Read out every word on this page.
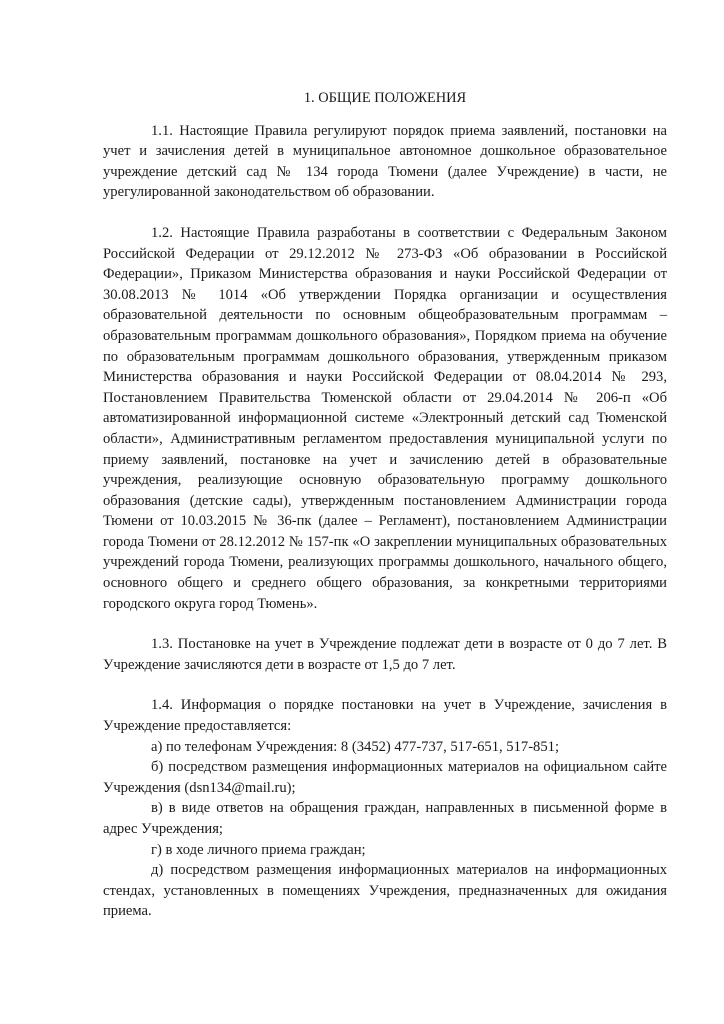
1. ОБЩИЕ ПОЛОЖЕНИЯ

1.1. Настоящие Правила регулируют порядок приема заявлений, постановки на учет и зачисления детей в муниципальное автономное дошкольное образовательное учреждение детский сад № 134 города Тюмени (далее Учреждение) в части, не урегулированной законодательством об образовании.

1.2. Настоящие Правила разработаны в соответствии с Федеральным Законом Российской Федерации от 29.12.2012 № 273-ФЗ «Об образовании в Российской Федерации», Приказом Министерства образования и науки Российской Федерации от 30.08.2013 № 1014 «Об утверждении Порядка организации и осуществления образовательной деятельности по основным общеобразовательным программам – образовательным программам дошкольного образования», Порядком приема на обучение по образовательным программам дошкольного образования, утвержденным приказом Министерства образования и науки Российской Федерации от 08.04.2014 № 293, Постановлением Правительства Тюменской области от 29.04.2014 № 206-п «Об автоматизированной информационной системе «Электронный детский сад Тюменской области», Административным регламентом предоставления муниципальной услуги по приему заявлений, постановке на учет и зачислению детей в образовательные учреждения, реализующие основную образовательную программу дошкольного образования (детские сады), утвержденным постановлением Администрации города Тюмени от 10.03.2015 № 36-пк (далее – Регламент), постановлением Администрации города Тюмени от 28.12.2012 № 157-пк «О закреплении муниципальных образовательных учреждений города Тюмени, реализующих программы дошкольного, начального общего, основного общего и среднего общего образования, за конкретными территориями городского округа город Тюмень».

1.3. Постановке на учет в Учреждение подлежат дети в возрасте от 0 до 7 лет. В Учреждение зачисляются дети в возрасте от 1,5 до 7 лет.

1.4. Информация о порядке постановки на учет в Учреждение, зачисления в Учреждение предоставляется:

а) по телефонам Учреждения: 8 (3452) 477-737, 517-651, 517-851;

б) посредством размещения информационных материалов на официальном сайте Учреждения (dsn134@mail.ru);

в) в виде ответов на обращения граждан, направленных в письменной форме в адрес Учреждения;

г) в ходе личного приема граждан;

д) посредством размещения информационных материалов на информационных стендах, установленных в помещениях Учреждения, предназначенных для ожидания приема.
